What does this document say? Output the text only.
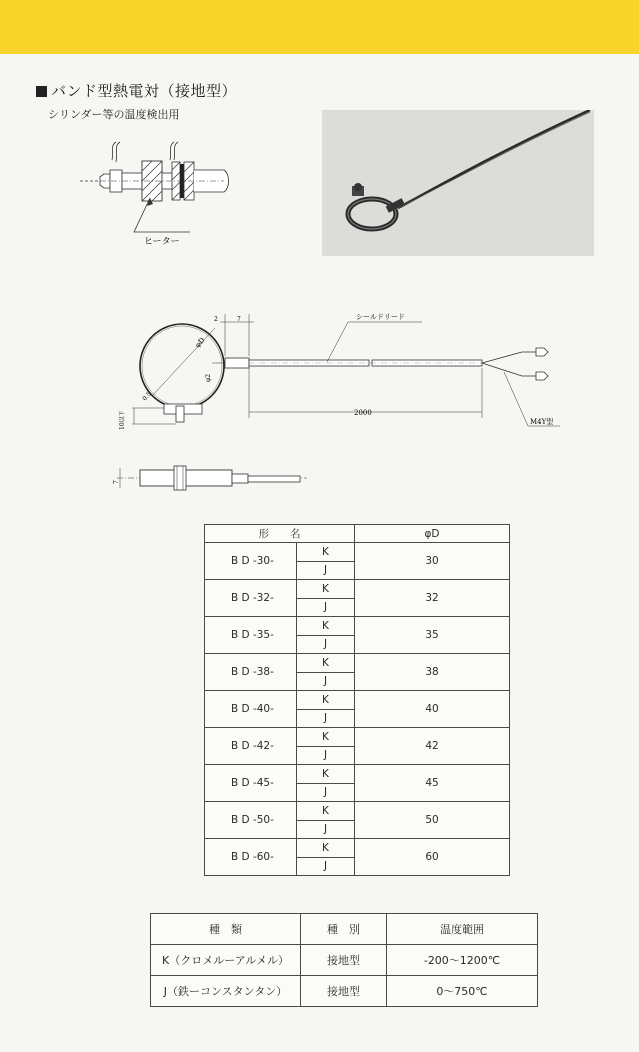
バンド型熱電対（接地型）
シリンダー等の温度検出用
ヒーター
φD
0.5
10以下
φ2
2	7	シールドリード
2000
M4Y型
7
形　　名		φD
B D -30-	K	30
	J	
B D -32-	K	32
	J	
B D -35-	K	35
	J	
B D -38-	K	38
	J	
B D -40-	K	40
	J	
B D -42-	K	42
	J	
B D -45-	K	45
	J	
B D -50-	K	50
	J	
B D -60-	K	60
	J	
種　類	種　別	温度範囲
K（クロメルーアルメル）	接地型	-200～1200℃
J（鉄ーコンスタンタン）	接地型	0～750℃
